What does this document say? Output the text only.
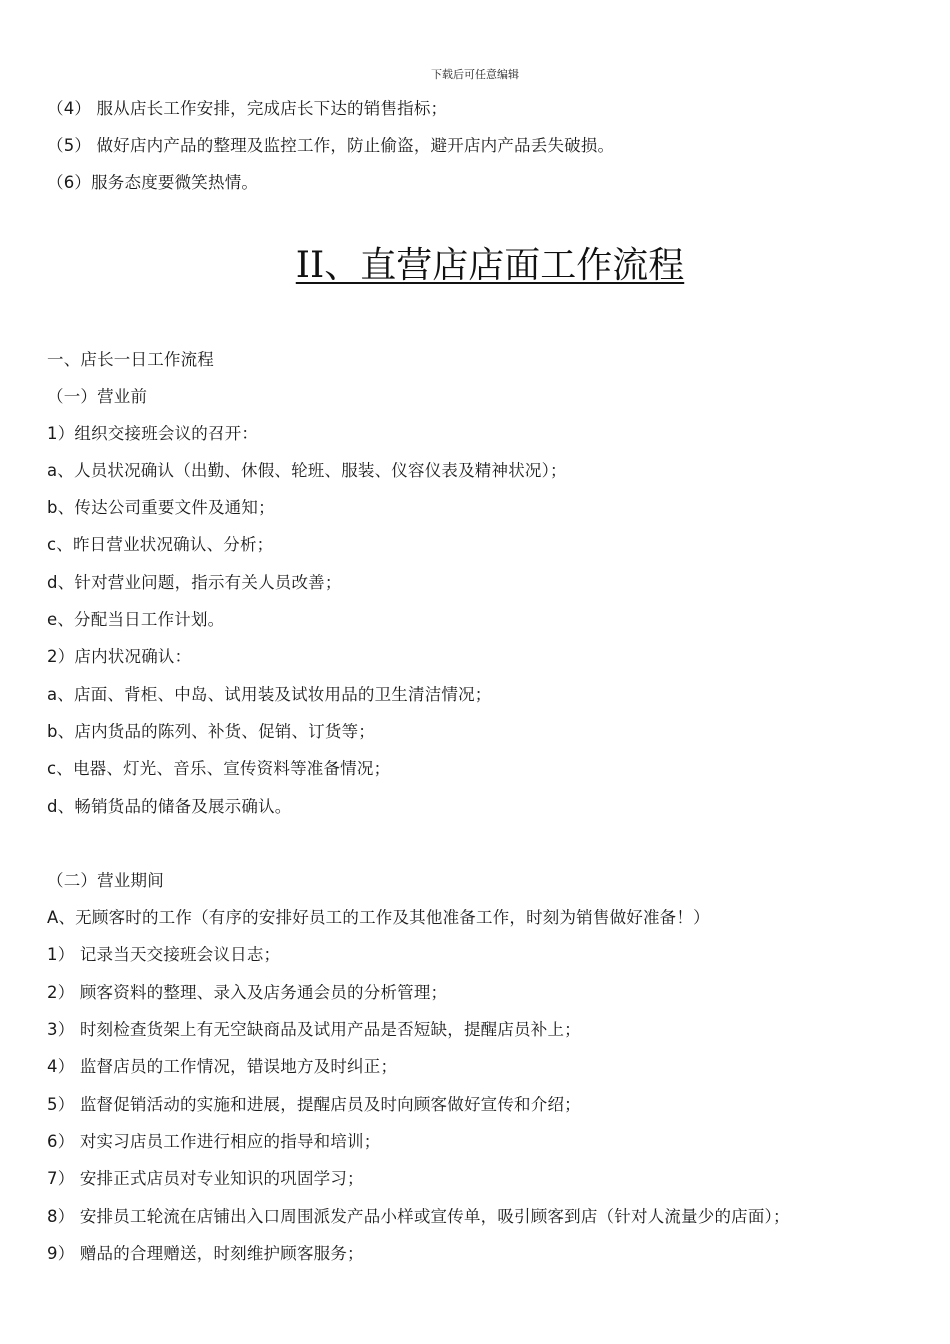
下载后可任意编辑
（4） 服从店长工作安排，完成店长下达的销售指标；
（5） 做好店内产品的整理及监控工作，防止偷盗，避开店内产品丢失破损。
（6）服务态度要微笑热情。
II、直营店店面工作流程
一、店长一日工作流程
（一）营业前
1）组织交接班会议的召开：
a、人员状况确认（出勤、休假、轮班、服装、仪容仪表及精神状况）；
b、传达公司重要文件及通知；
c、昨日营业状况确认、分析；
d、针对营业问题，指示有关人员改善；
e、分配当日工作计划。
2）店内状况确认：
a、店面、背柜、中岛、试用装及试妆用品的卫生清洁情况；
b、店内货品的陈列、补货、促销、订货等；
c、电器、灯光、音乐、宣传资料等准备情况；
d、畅销货品的储备及展示确认。
（二）营业期间
A、无顾客时的工作（有序的安排好员工的工作及其他准备工作，时刻为销售做好准备！）
1） 记录当天交接班会议日志；
2） 顾客资料的整理、录入及店务通会员的分析管理；
3） 时刻检查货架上有无空缺商品及试用产品是否短缺，提醒店员补上；
4） 监督店员的工作情况，错误地方及时纠正；
5） 监督促销活动的实施和进展，提醒店员及时向顾客做好宣传和介绍；
6） 对实习店员工作进行相应的指导和培训；
7） 安排正式店员对专业知识的巩固学习；
8） 安排员工轮流在店铺出入口周围派发产品小样或宣传单，吸引顾客到店（针对人流量少的店面）；
9） 赠品的合理赠送，时刻维护顾客服务；
